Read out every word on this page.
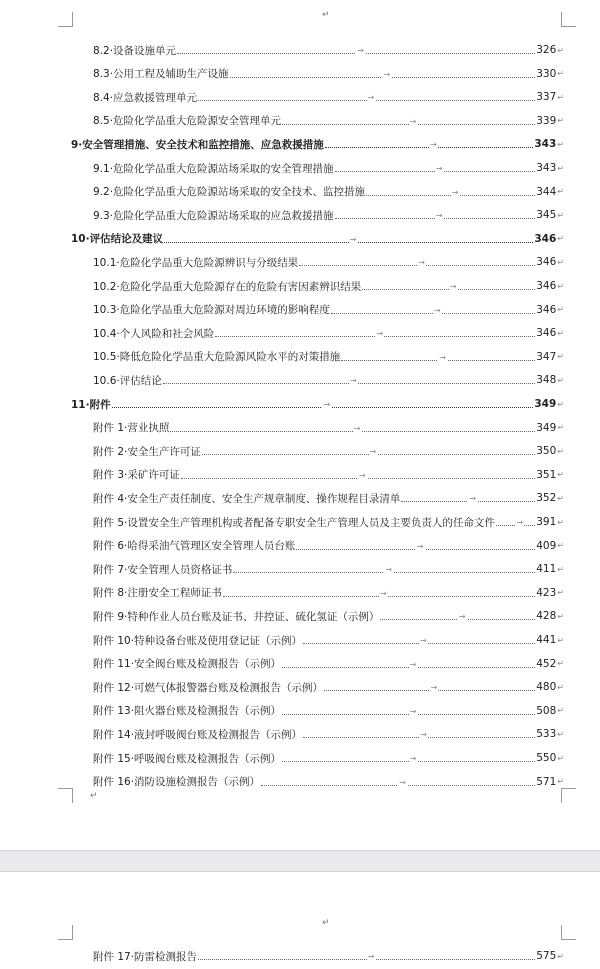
↵
8.2·设备设施单元	→	326 ↵
8.3·公用工程及辅助生产设施	→	330 ↵
8.4·应急救援管理单元	→	337 ↵
8.5·危险化学品重大危险源安全管理单元	→	339 ↵
9·安全管理措施、安全技术和监控措施、应急救援措施	→	343 ↵
9.1·危险化学品重大危险源站场采取的安全管理措施	→	343 ↵
9.2·危险化学品重大危险源站场采取的安全技术、监控措施	→	344 ↵
9.3·危险化学品重大危险源站场采取的应急救援措施	→	345 ↵
10·评估结论及建议	→	346 ↵
10.1·危险化学品重大危险源辨识与分级结果	→	346 ↵
10.2·危险化学品重大危险源存在的危险有害因素辨识结果	→	346 ↵
10.3·危险化学品重大危险源对周边环境的影响程度	→	346 ↵
10.4·个人风险和社会风险	→	346 ↵
10.5·降低危险化学品重大危险源风险水平的对策措施	→	347 ↵
10.6·评估结论	→	348 ↵
11·附件	→	349 ↵
附件 1·营业执照	→	349 ↵
附件 2·安全生产许可证	→	350 ↵
附件 3·采矿许可证	→	351 ↵
附件 4·安全生产责任制度、安全生产规章制度、操作规程目录清单	→	352 ↵
附件 5·设置安全生产管理机构或者配备专职安全生产管理人员及主要负责人的任命文件	→ 391 ↵
附件 6·哈得采油气管理区安全管理人员台账	→	409 ↵
附件 7·安全管理人员资格证书	→	411 ↵
附件 8·注册安全工程师证书	→	423 ↵
附件 9·特种作业人员台账及证书、井控证、硫化氢证（示例）	→	428 ↵
附件 10·特种设备台账及使用登记证（示例）	→	441 ↵
附件 11·安全阀台账及检测报告（示例）	→	452 ↵
附件 12·可燃气体报警器台账及检测报告（示例）	→	480 ↵
附件 13·阻火器台账及检测报告（示例）	→	508 ↵
附件 14·液封呼吸阀台账及检测报告（示例）	→	533 ↵
附件 15·呼吸阀台账及检测报告（示例）	→	550 ↵
附件 16·消防设施检测报告（示例）	→	571 ↵
↵
↵
附件 17·防雷检测报告	→	575 ↵
